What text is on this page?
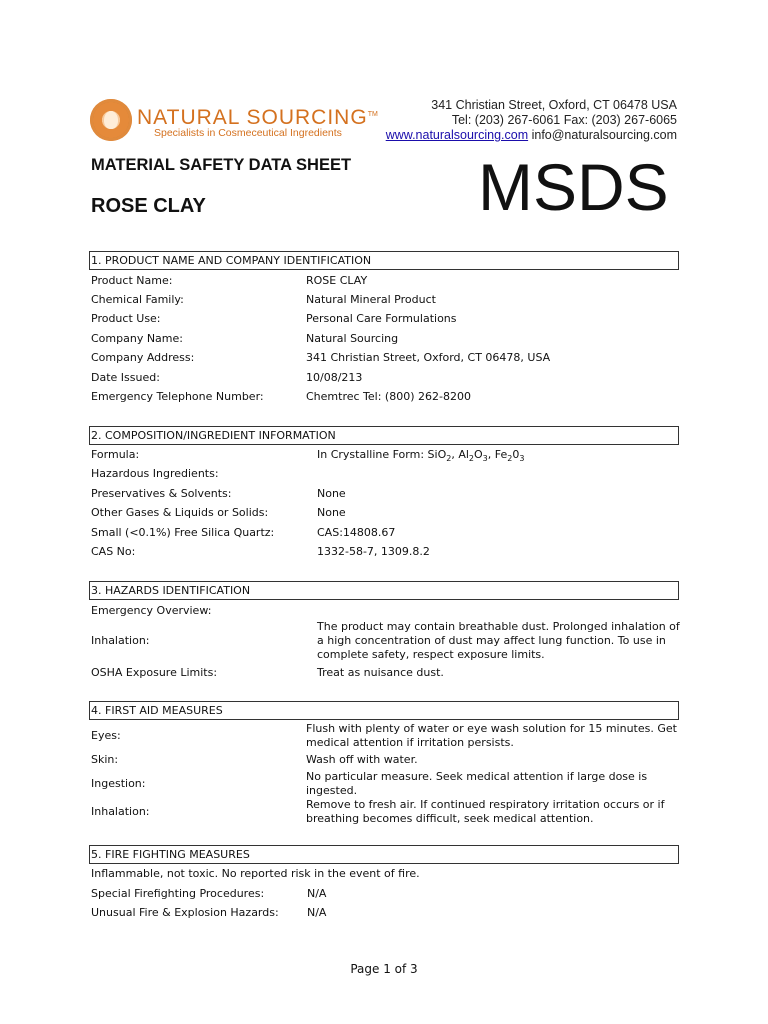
NATURAL SOURCING™
Specialists in Cosmeceutical Ingredients
341 Christian Street, Oxford, CT 06478 USA
Tel: (203) 267-6061 Fax: (203) 267-6065
www.naturalsourcing.com info@naturalsourcing.com
MATERIAL SAFETY DATA SHEET
ROSE CLAY	MSDS
1. PRODUCT NAME AND COMPANY IDENTIFICATION
Product Name:	ROSE CLAY
Chemical Family:	Natural Mineral Product
Product Use:	Personal Care Formulations
Company Name:	Natural Sourcing
Company Address:	341 Christian Street, Oxford, CT 06478, USA
Date Issued:	10/08/213
Emergency Telephone Number:	Chemtrec Tel: (800) 262-8200
2. COMPOSITION/INGREDIENT INFORMATION
Formula:	In Crystalline Form: SiO$_2$, $Al_2O_3$, $Fe_20_3$
Hazardous Ingredients:
Preservatives & Solvents:	None
Other Gases & Liquids or Solids:	None
Small (<0.1%) Free Silica Quartz:	CAS:14808.67
CAS No:	1332-58-7, 1309.8.2
3. HAZARDS IDENTIFICATION
Emergency Overview:
Inhalation:
The product may contain breathable dust. Prolonged inhalation of a high concentration of dust may affect lung function. To use in complete safety, respect exposure limits.
OSHA Exposure Limits:	Treat as nuisance dust.
4. FIRST AID MEASURES
Eyes:
Flush with plenty of water or eye wash solution for 15 minutes. Get medical attention if irritation persists.
Skin:	Wash off with water.
Ingestion:
No particular measure. Seek medical attention if large dose is ingested.
Inhalation:
Remove to fresh air. If continued respiratory irritation occurs or if breathing becomes difficult, seek medical attention.
5. FIRE FIGHTING MEASURES
Inflammable, not toxic. No reported risk in the event of fire.
Special Firefighting Procedures:	N/A
Unusual Fire & Explosion Hazards:	N/A
Page 1 of 3
